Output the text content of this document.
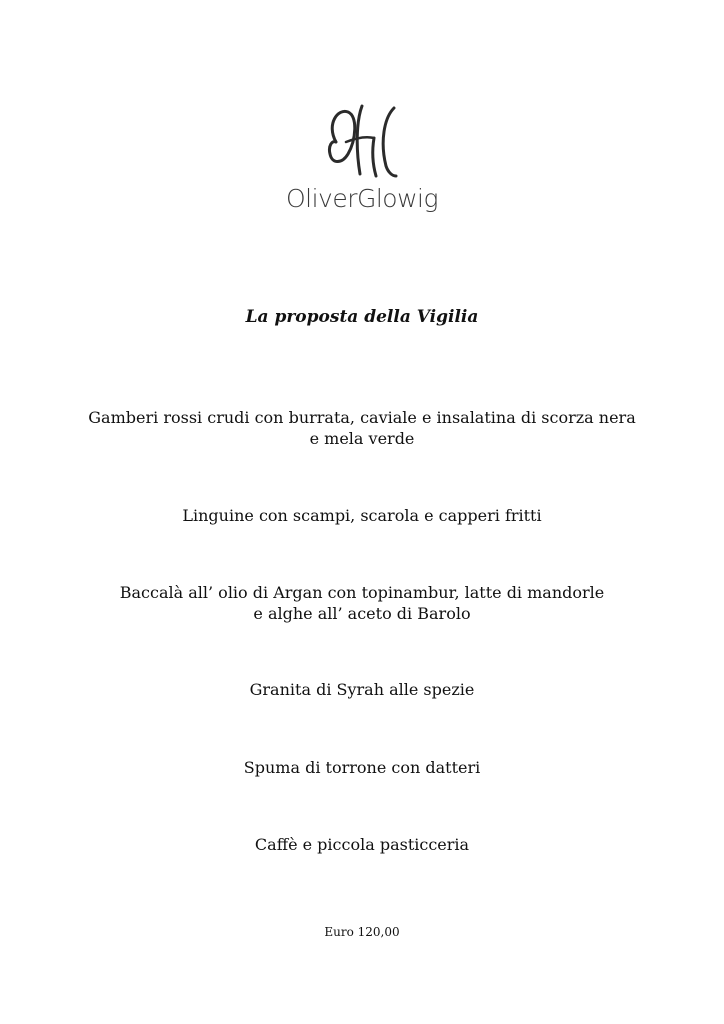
OliverGlowig
La proposta della Vigilia
Gamberi rossi crudi con burrata, caviale e insalatina di scorza nera
e mela verde
Linguine con scampi, scarola e capperi fritti
Baccalà all’ olio di Argan con topinambur, latte di mandorle
e alghe all’ aceto di Barolo
Granita di Syrah alle spezie
Spuma di torrone con datteri
Caffè e piccola pasticceria
Euro 120,00
